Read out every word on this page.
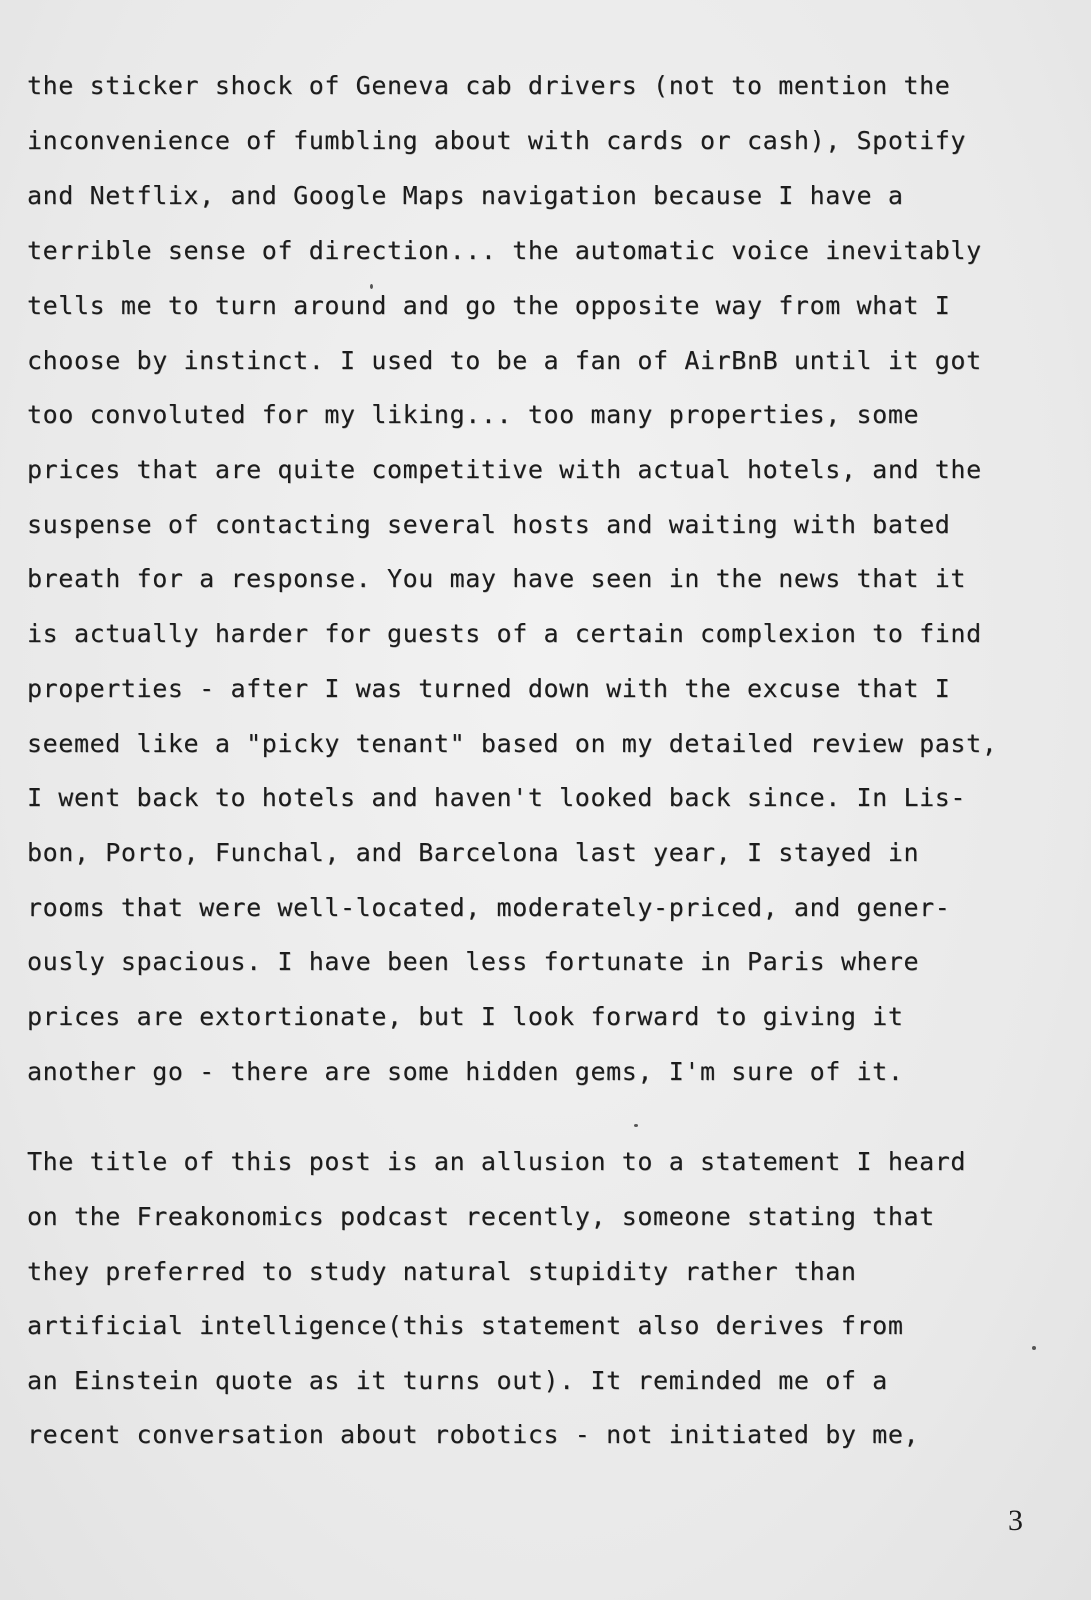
the sticker shock of Geneva cab drivers (not to mention the
inconvenience of fumbling about with cards or cash), Spotify
and Netflix, and Google Maps navigation because I have a
terrible sense of direction... the automatic voice inevitably
tells me to turn around and go the opposite way from what I
choose by instinct. I used to be a fan of AirBnB until it got
too convoluted for my liking... too many properties, some
prices that are quite competitive with actual hotels, and the
suspense of contacting several hosts and waiting with bated
breath for a response. You may have seen in the news that it
is actually harder for guests of a certain complexion to find
properties - after I was turned down with the excuse that I
seemed like a "picky tenant" based on my detailed review past,
I went back to hotels and haven't looked back since. In Lis-
bon, Porto, Funchal, and Barcelona last year, I stayed in
rooms that were well-located, moderately-priced, and gener-
ously spacious. I have been less fortunate in Paris where
prices are extortionate, but I look forward to giving it
another go - there are some hidden gems, I'm sure of it.
The title of this post is an allusion to a statement I heard
on the Freakonomics podcast recently, someone stating that
they preferred to study natural stupidity rather than
artificial intelligence(this statement also derives from
an Einstein quote as it turns out). It reminded me of a
recent conversation about robotics - not initiated by me,
3
